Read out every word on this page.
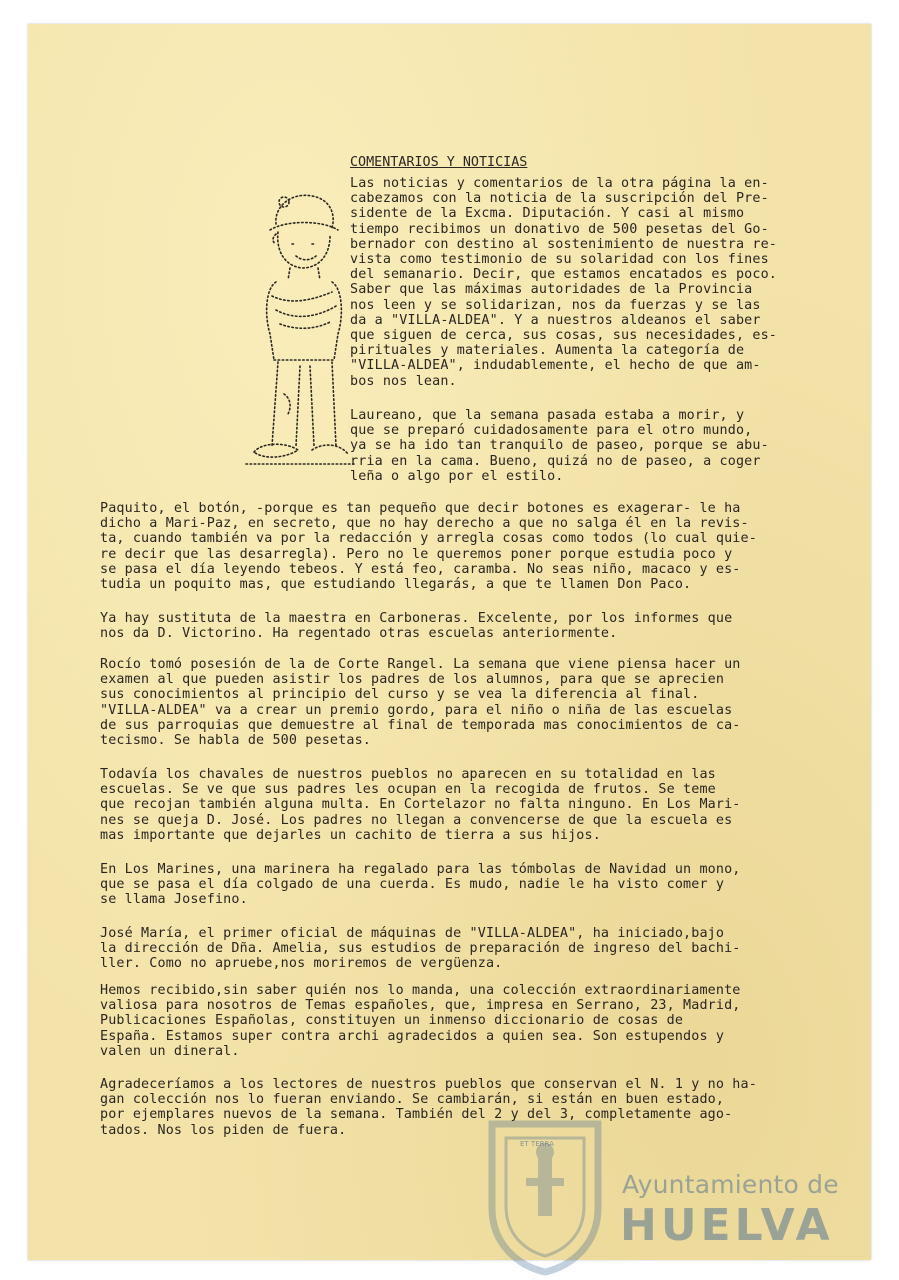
COMENTARIOS Y NOTICIAS

Las noticias y comentarios de la otra página la en-

cabezamos con la noticia de la suscripción del Pre-

sidente de la Excma. Diputación. Y casi al mismo

tiempo recibimos un donativo de 500 pesetas del Go-

bernador con destino al sostenimiento de nuestra re-

vista como testimonio de su solaridad con los fines

del semanario. Decir, que estamos encatados es poco.

Saber que las máximas autoridades de la Provincia

nos leen y se solidarizan, nos da fuerzas y se las

da a "VILLA-ALDEA". Y a nuestros aldeanos el saber

que siguen de cerca, sus cosas, sus necesidades, es-

pirituales y materiales. Aumenta la categoría de

"VILLA-ALDEA", indudablemente, el hecho de que am-

bos nos lean.

Laureano, que la semana pasada estaba a morir, y

que se preparó cuidadosamente para el otro mundo,

ya se ha ido tan tranquilo de paseo, porque se abu-

rria en la cama. Bueno, quizá no de paseo, a coger

leña o algo por el estilo.

Paquito, el botón, -porque es tan pequeño que decir botones es exagerar- le ha

dicho a Mari-Paz, en secreto, que no hay derecho a que no salga él en la revis-

ta, cuando también va por la redacción y arregla cosas como todos (lo cual quie-

re decir que las desarregla). Pero no le queremos poner porque estudia poco y

se pasa el día leyendo tebeos. Y está feo, caramba. No seas niño, macaco y es-

tudia un poquito mas, que estudiando llegarás, a que te llamen Don Paco.

Ya hay sustituta de la maestra en Carboneras. Excelente, por los informes que

nos da D. Victorino. Ha regentado otras escuelas anteriormente.

Rocío tomó posesión de la de Corte Rangel. La semana que viene piensa hacer un

examen al que pueden asistir los padres de los alumnos, para que se aprecien

sus conocimientos al principio del curso y se vea la diferencia al final.

"VILLA-ALDEA" va a crear un premio gordo, para el niño o niña de las escuelas

de sus parroquias que demuestre al final de temporada mas conocimientos de ca-

tecismo. Se habla de 500 pesetas.

Todavía los chavales de nuestros pueblos no aparecen en su totalidad en las

escuelas. Se ve que sus padres les ocupan en la recogida de frutos. Se teme

que recojan también alguna multa. En Cortelazor no falta ninguno. En Los Mari-

nes se queja D. José. Los padres no llegan a convencerse de que la escuela es

mas importante que dejarles un cachito de tierra a sus hijos.

En Los Marines, una marinera ha regalado para las tómbolas de Navidad un mono,

que se pasa el día colgado de una cuerda. Es mudo, nadie le ha visto comer y

se llama Josefino.

José María, el primer oficial de máquinas de "VILLA-ALDEA", ha iniciado,bajo

la dirección de Dña. Amelia, sus estudios de preparación de ingreso del bachi-

ller. Como no apruebe,nos moriremos de vergüenza.

Hemos recibido,sin saber quién nos lo manda, una colección extraordinariamente

valiosa para nosotros de Temas españoles, que, impresa en Serrano, 23, Madrid,

Publicaciones Españolas, constituyen un inmenso diccionario de cosas de

España. Estamos super contra archi agradecidos a quien sea. Son estupendos y

valen un dineral.

Agradeceríamos a los lectores de nuestros pueblos que conservan el N. 1 y no ha-

gan colección nos lo fueran enviando. Se cambiarán, si están en buen estado,

por ejemplares nuevos de la semana. También del 2 y del 3, completamente ago-

tados. Nos los piden de fuera.

ET TERRA
Ayuntamiento de
HUELVA
